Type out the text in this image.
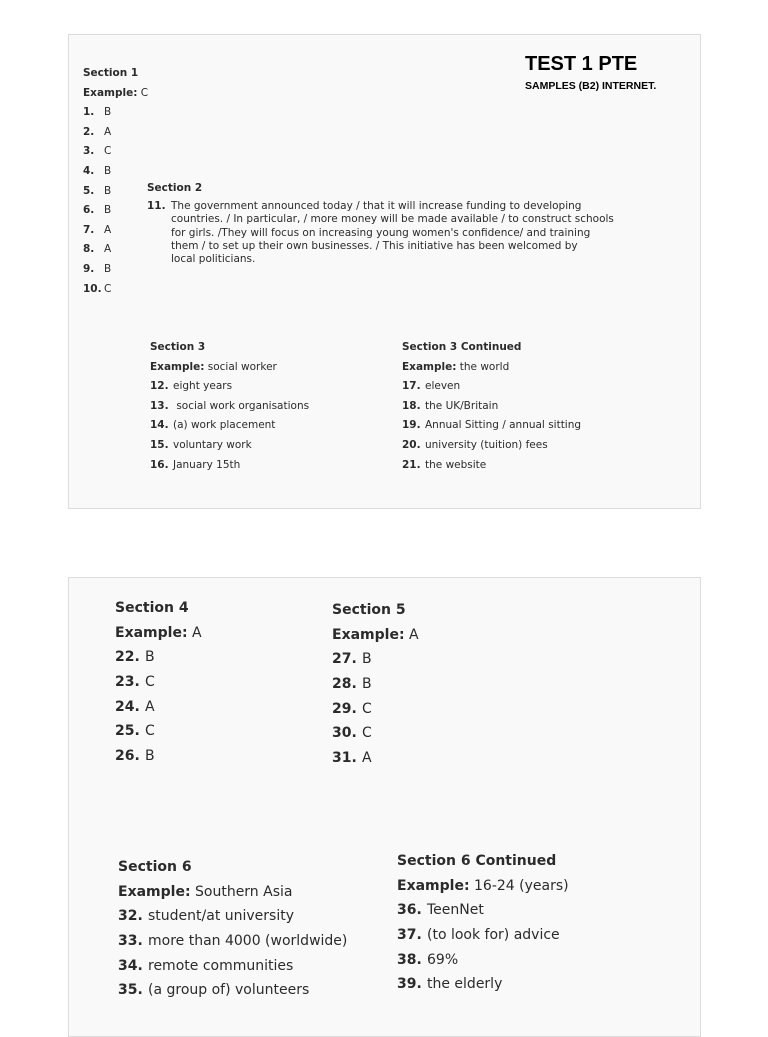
TEST 1 PTE
SAMPLES (B2) INTERNET.
Section 1
Example: C
1. B
2. A
3. C
4. B
5. B
6. B
7. A
8. A
9. B
10. C
Section 2
11. The government announced today / that it will increase funding to developing
countries. / In particular, / more money will be made available / to construct schools
for girls. /They will focus on increasing young women's confidence/ and training
them / to set up their own businesses. / This initiative has been welcomed by
local politicians.
Section 3
Example: social worker
12. eight years
13. social work organisations
14. (a) work placement
15. voluntary work
16. January 15th
Section 3 Continued
Example: the world
17. eleven
18. the UK/Britain
19. Annual Sitting / annual sitting
20. university (tuition) fees
21. the website
Section 4
Example: A
22. B
23. C
24. A
25. C
26. B
Section 5
Example: A
27. B
28. B
29. C
30. C
31. A
Section 6
Example: Southern Asia
32. student/at university
33. more than 4000 (worldwide)
34. remote communities
35. (a group of) volunteers
Section 6 Continued
Example: 16-24 (years)
36. TeenNet
37. (to look for) advice
38. 69%
39. the elderly
